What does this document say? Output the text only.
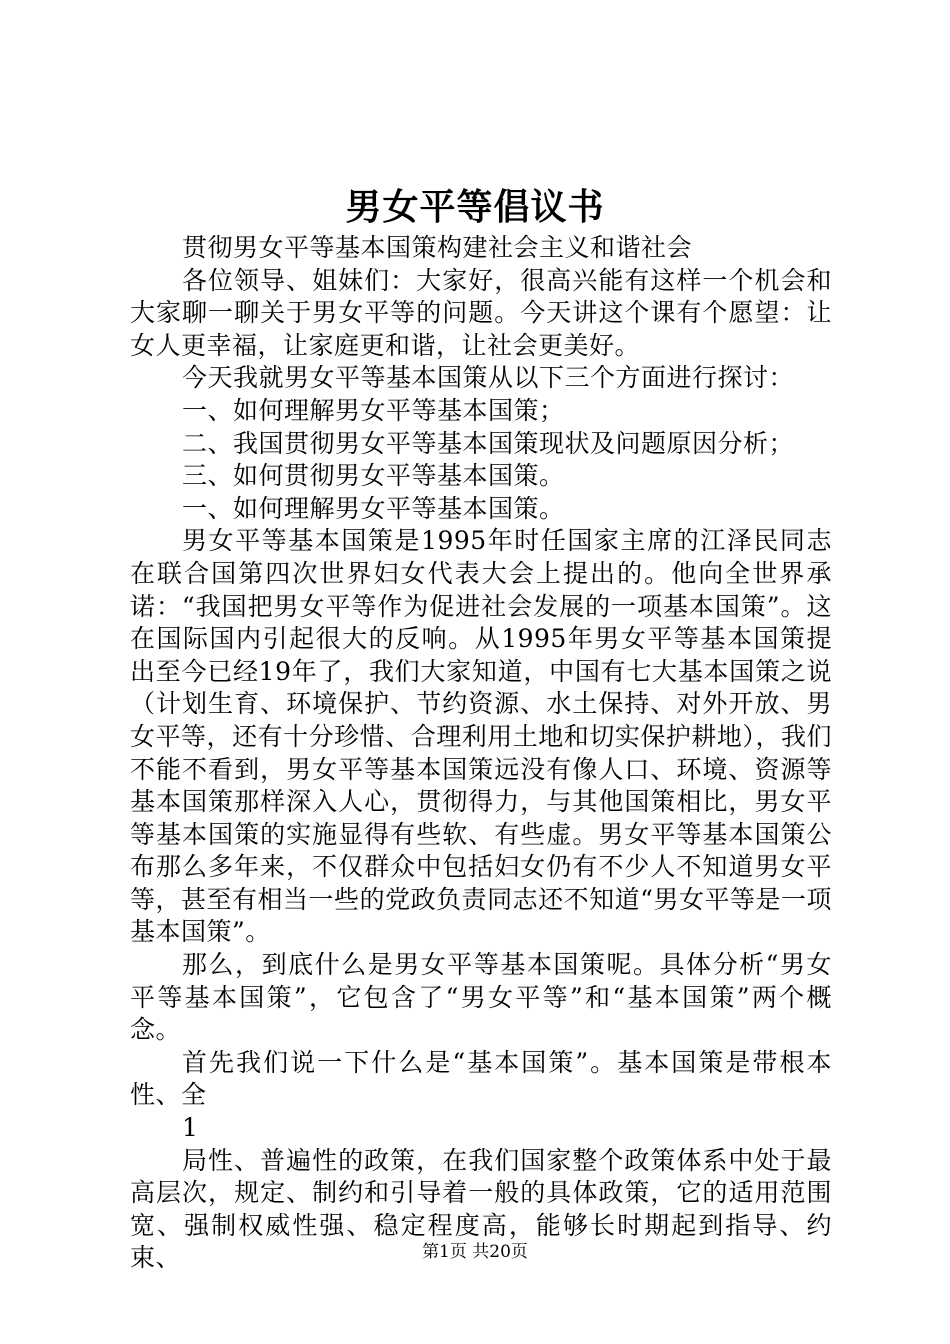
男女平等倡议书

贯彻男女平等基本国策构建社会主义和谐社会

各位领导、姐妹们：大家好，很高兴能有这样一个机会和大家聊一聊关于男女平等的问题。今天讲这个课有个愿望：让女人更幸福，让家庭更和谐，让社会更美好。

今天我就男女平等基本国策从以下三个方面进行探讨：

一、如何理解男女平等基本国策；

二、我国贯彻男女平等基本国策现状及问题原因分析；

三、如何贯彻男女平等基本国策。

一、如何理解男女平等基本国策。

男女平等基本国策是1995年时任国家主席的江泽民同志在联合国第四次世界妇女代表大会上提出的。他向全世界承诺：“我国把男女平等作为促进社会发展的一项基本国策”。这在国际国内引起很大的反响。从1995年男女平等基本国策提出至今已经19年了，我们大家知道，中国有七大基本国策之说（计划生育、环境保护、节约资源、水土保持、对外开放、男女平等，还有十分珍惜、合理利用土地和切实保护耕地），我们不能不看到，男女平等基本国策远没有像人口、环境、资源等基本国策那样深入人心，贯彻得力，与其他国策相比，男女平等基本国策的实施显得有些软、有些虚。男女平等基本国策公布那么多年来，不仅群众中包括妇女仍有不少人不知道男女平等，甚至有相当一些的党政负责同志还不知道“男女平等是一项基本国策”。

那么，到底什么是男女平等基本国策呢。具体分析“男女平等基本国策”，它包含了“男女平等”和“基本国策”两个概念。

首先我们说一下什么是“基本国策”。基本国策是带根本性、全

1

局性、普遍性的政策，在我们国家整个政策体系中处于最高层次，规定、制约和引导着一般的具体政策，它的适用范围宽、强制权威性强、稳定程度高，能够长时期起到指导、约束、	第1页 共20页
